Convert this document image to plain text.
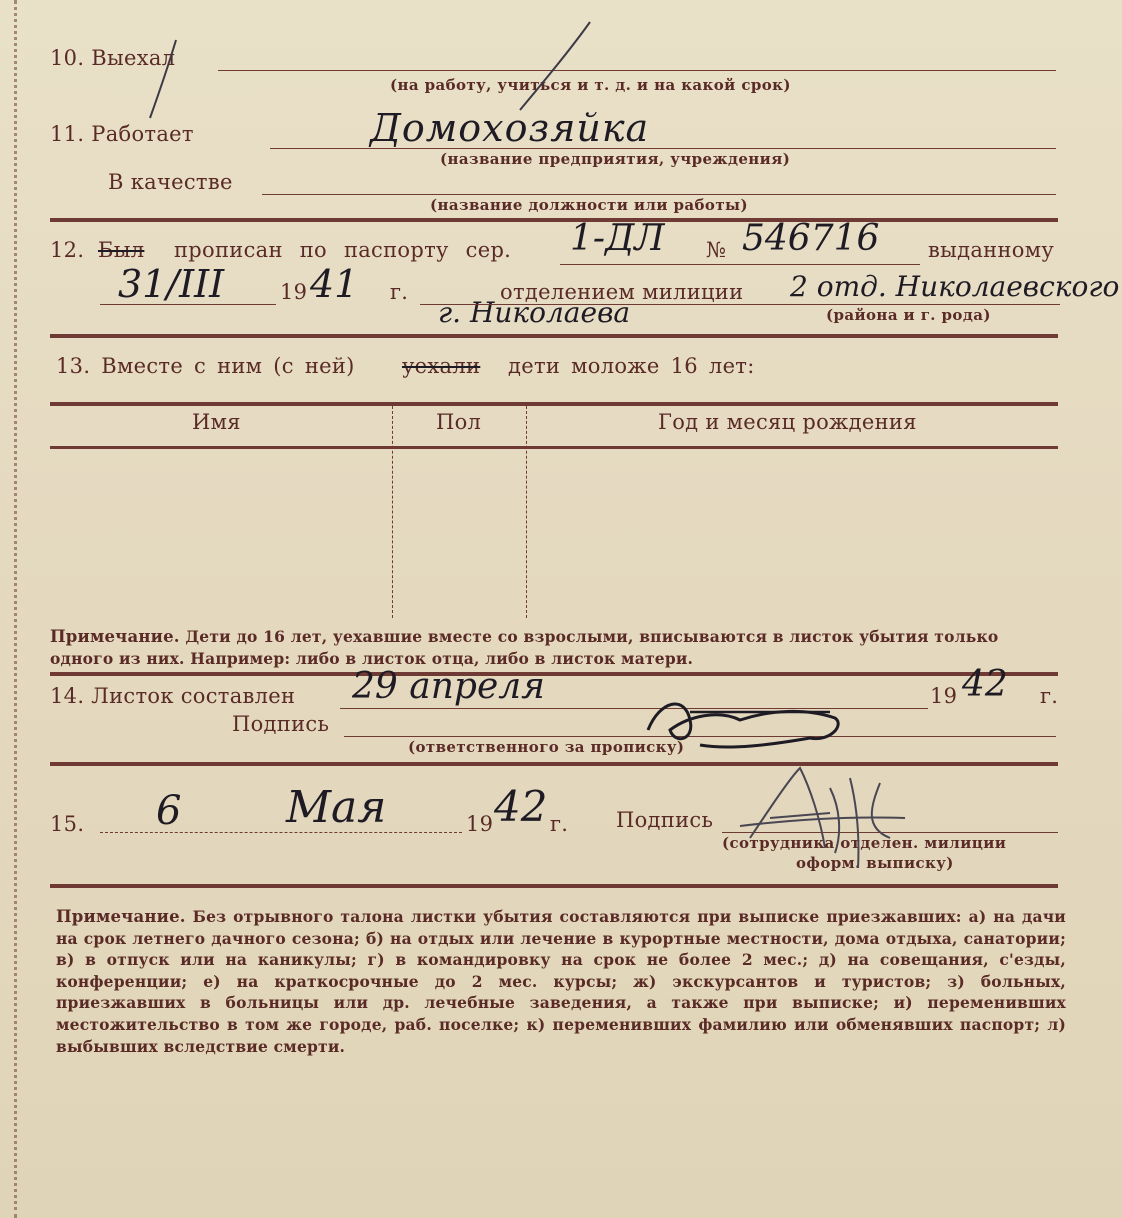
10. Выехал
(на работу, учиться и т. д. и на какой срок)
11. Работает	Домохозяйка
(название предприятия, учреждения)
В качестве
(название должности или работы)
12. Был прописан по паспорту сер. 1-ДЛ № 546716 выданному
31/III	19 41 г.	отделением милиции 2 отд. Николаевского
г. Николаева	(района и г. рода)
13. Вместе с ним (с ней) уехали дети моложе 16 лет:
Имя	Пол	Год и месяц рождения
Примечание. Дети до 16 лет, уехавшие вместе со взрослыми, вписываются в листок убытия только одного из них. Например: либо в листок отца, либо в листок матери.
14. Листок составлен 29 апреля	19 42 г.
Подпись
(ответственного за прописку)
15. 6 Мая	19 42 г. Подпись
(сотрудника отделен. милиции
оформ. выписку)
Примечание. Без отрывного талона листки убытия составляются при выписке приезжавших: а) на дачи на срок летнего дачного сезона; б) на отдых или лечение в курортные местности, дома отдыха, санатории; в) в отпуск или на каникулы; г) в командировку на срок не более 2 мес.; д) на совещания, с'езды, конференции; е) на краткосрочные до 2 мес. курсы; ж) экскурсантов и туристов; з) больных, приезжавших в больницы или др. лечебные заведения, а также при выписке; и) переменивших местожительство в том же городе, раб. поселке; к) переменивших фамилию или обменявших паспорт; л) выбывших вследствие смерти.
